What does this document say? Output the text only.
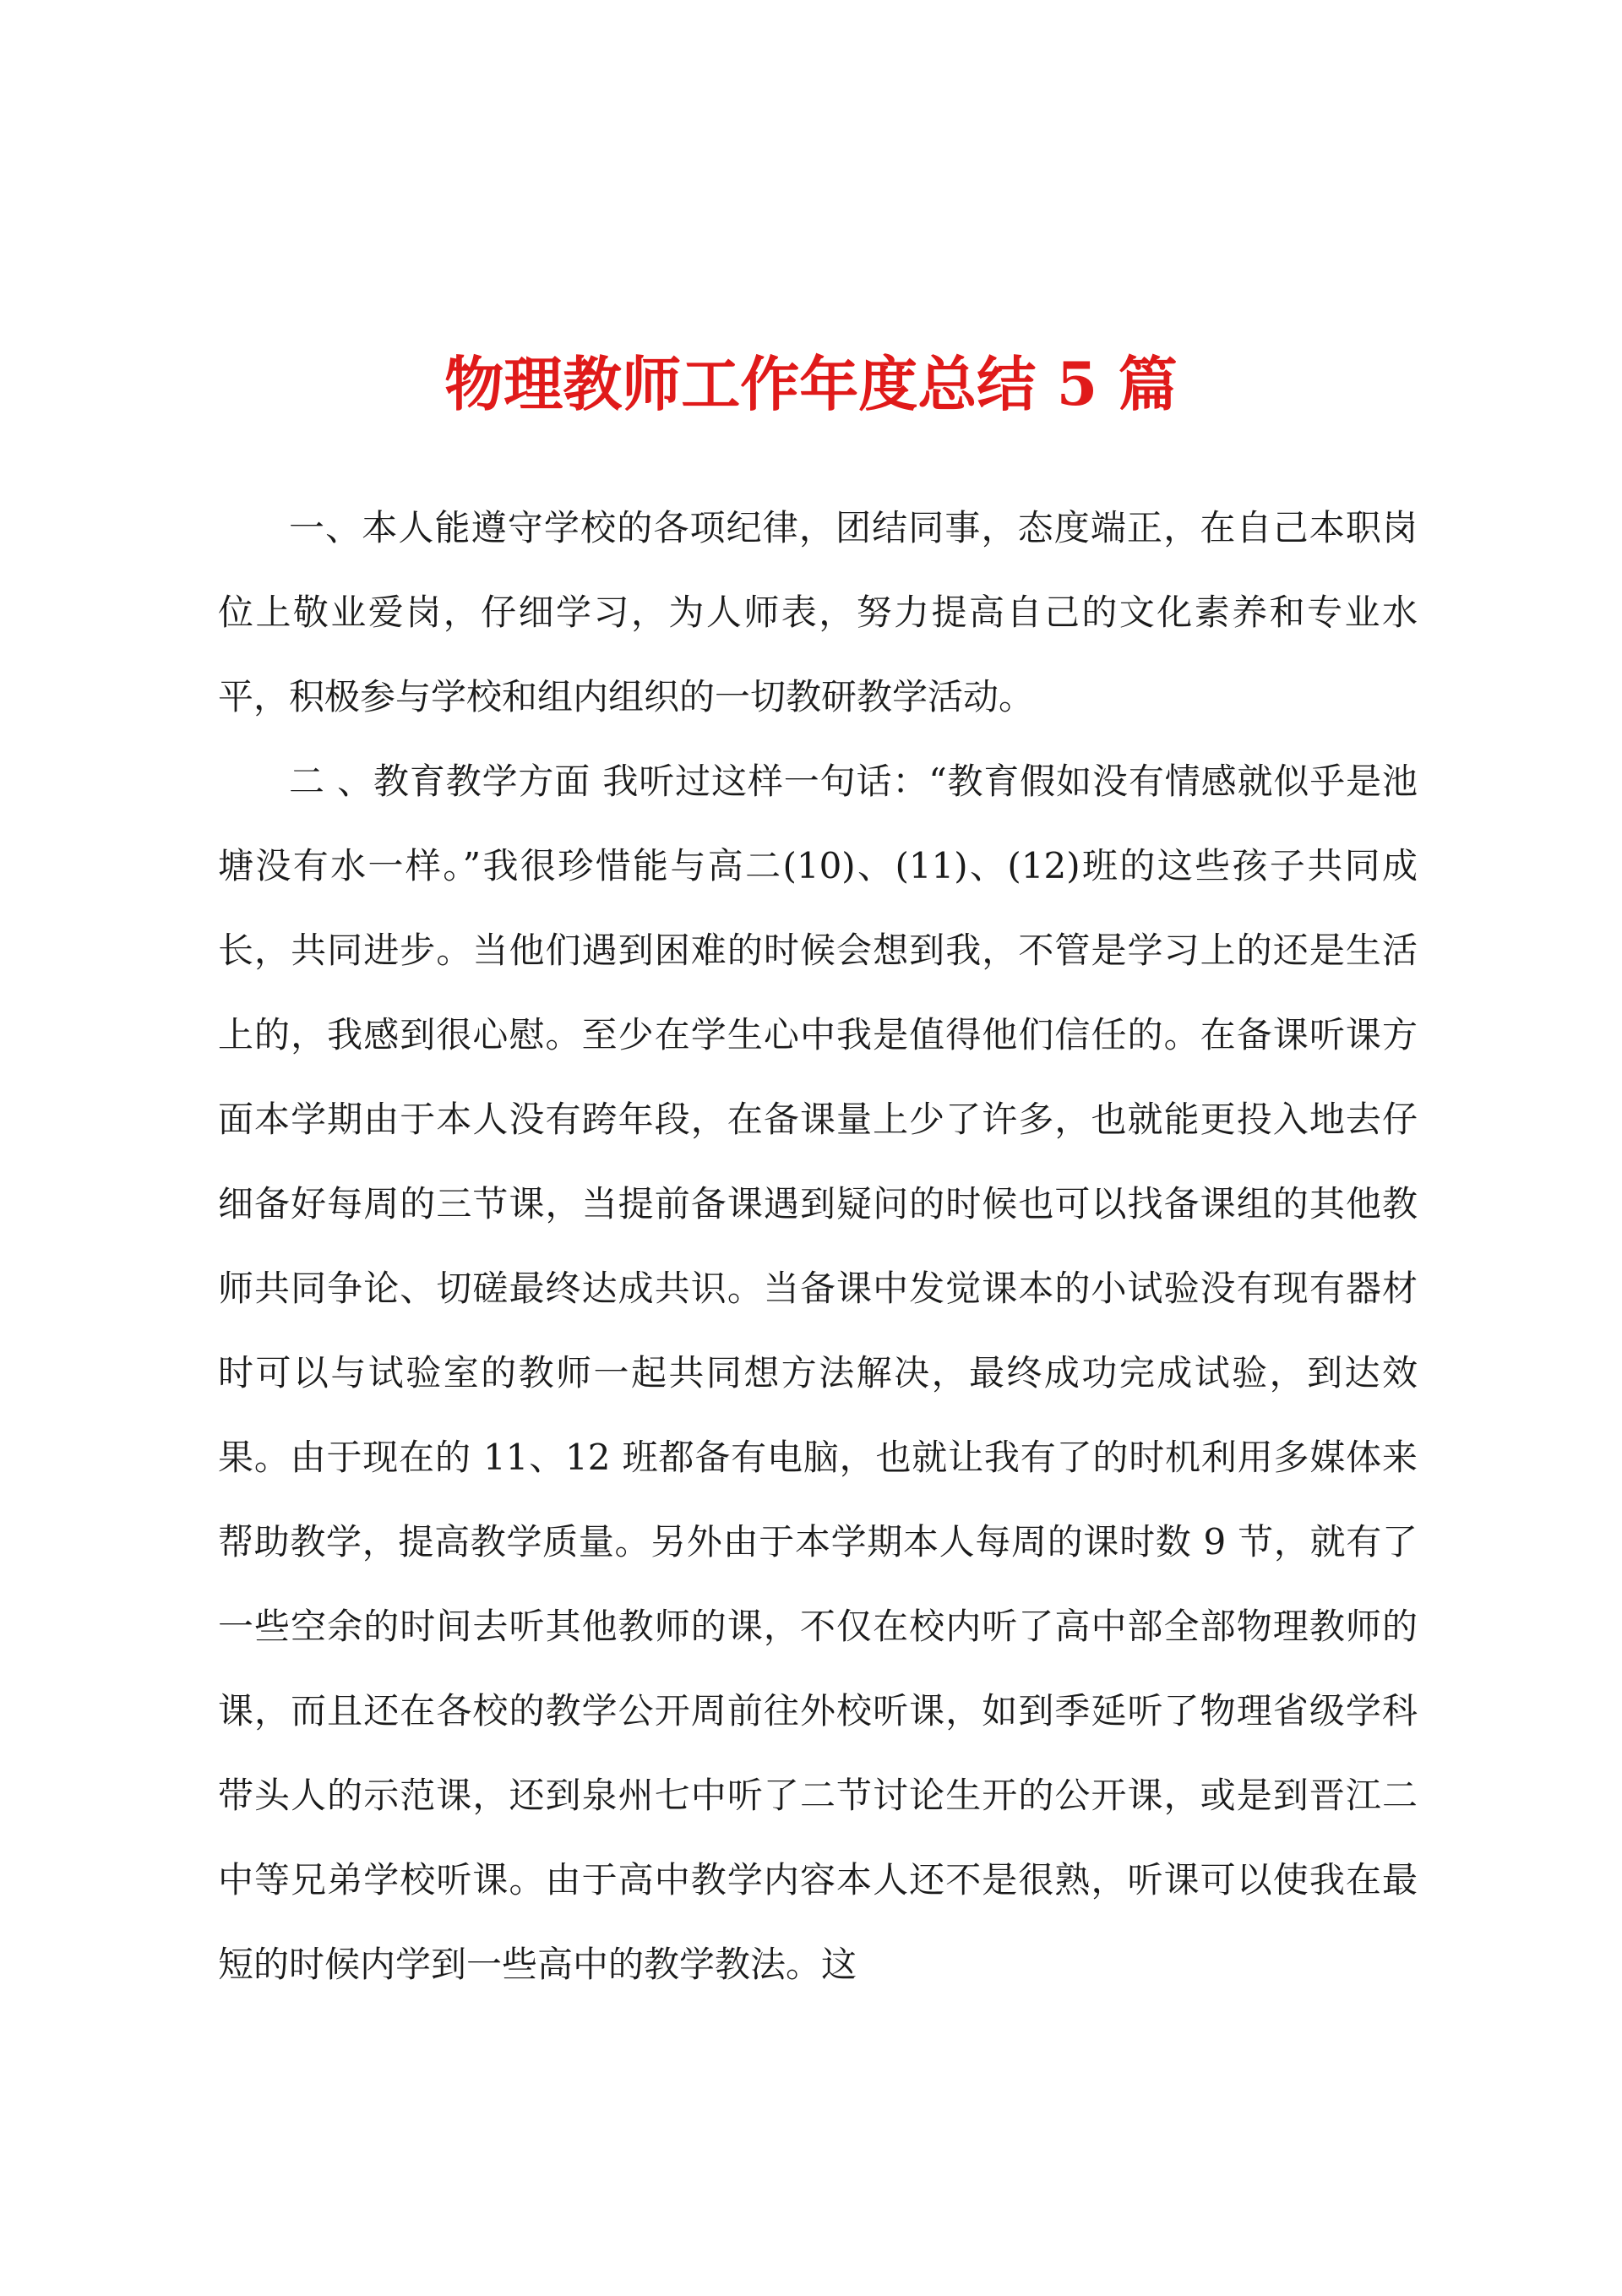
物理教师工作年度总结 5 篇

一、本人能遵守学校的各项纪律，团结同事，态度端正，在自己本职岗位上敬业爱岗，仔细学习，为人师表，努力提高自己的文化素养和专业水平，积极参与学校和组内组织的一切教研教学活动。

二 、教育教学方面 我听过这样一句话：“教育假如没有情感就似乎是池塘没有水一样。”我很珍惜能与高二(10)、(11)、(12)班的这些孩子共同成长，共同进步。当他们遇到困难的时候会想到我，不管是学习上的还是生活上的，我感到很心慰。至少在学生心中我是值得他们信任的。在备课听课方面本学期由于本人没有跨年段，在备课量上少了许多，也就能更投入地去仔细备好每周的三节课，当提前备课遇到疑问的时候也可以找备课组的其他教师共同争论、切磋最终达成共识。当备课中发觉课本的小试验没有现有器材时可以与试验室的教师一起共同想方法解决，最终成功完成试验，到达效果。由于现在的 11、12 班都备有电脑，也就让我有了的时机利用多媒体来帮助教学，提高教学质量。另外由于本学期本人每周的课时数 9 节，就有了一些空余的时间去听其他教师的课，不仅在校内听了高中部全部物理教师的课，而且还在各校的教学公开周前往外校听课，如到季延听了物理省级学科带头人的示范课，还到泉州七中听了二节讨论生开的公开课，或是到晋江二中等兄弟学校听课。由于高中教学内容本人还不是很熟，听课可以使我在最短的时候内学到一些高中的教学教法。这
